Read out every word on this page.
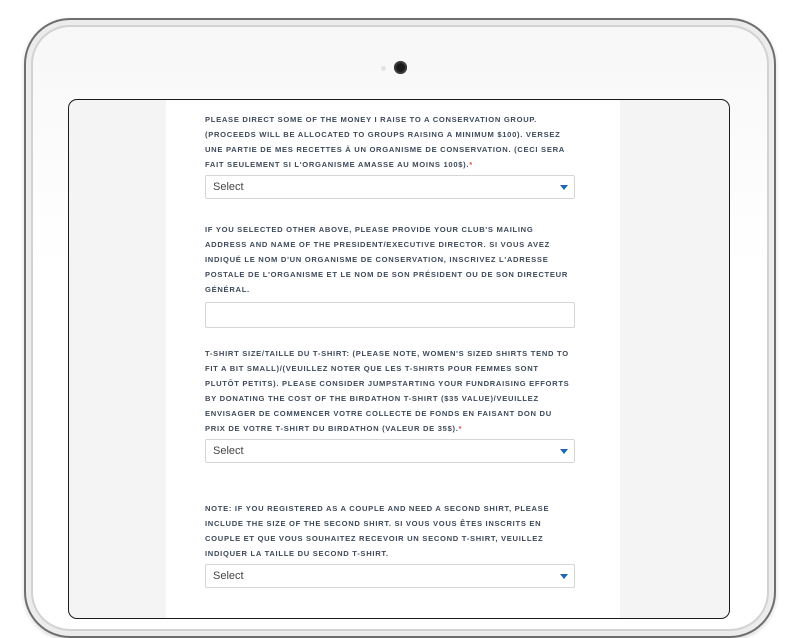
PLEASE DIRECT SOME OF THE MONEY I RAISE TO A CONSERVATION GROUP. (PROCEEDS WILL BE ALLOCATED TO GROUPS RAISING A MINIMUM $100). VERSEZ UNE PARTIE DE MES RECETTES À UN ORGANISME DE CONSERVATION. (CECI SERA FAIT SEULEMENT SI L'ORGANISME AMASSE AU MOINS 100$).*

Select

IF YOU SELECTED OTHER ABOVE, PLEASE PROVIDE YOUR CLUB'S MAILING ADDRESS AND NAME OF THE PRESIDENT/EXECUTIVE DIRECTOR. SI VOUS AVEZ INDIQUÉ LE NOM D'UN ORGANISME DE CONSERVATION, INSCRIVEZ L'ADRESSE POSTALE DE L'ORGANISME ET LE NOM DE SON PRÉSIDENT OU DE SON DIRECTEUR GÉNÉRAL.

T-SHIRT SIZE/TAILLE DU T-SHIRT: (PLEASE NOTE, WOMEN'S SIZED SHIRTS TEND TO FIT A BIT SMALL)/(VEUILLEZ NOTER QUE LES T-SHIRTS POUR FEMMES SONT PLUTÔT PETITS). PLEASE CONSIDER JUMPSTARTING YOUR FUNDRAISING EFFORTS BY DONATING THE COST OF THE BIRDATHON T-SHIRT ($35 VALUE)/VEUILLEZ ENVISAGER DE COMMENCER VOTRE COLLECTE DE FONDS EN FAISANT DON DU PRIX DE VOTRE T-SHIRT DU BIRDATHON (VALEUR DE 35$).*

Select

NOTE: IF YOU REGISTERED AS A COUPLE AND NEED A SECOND SHIRT, PLEASE INCLUDE THE SIZE OF THE SECOND SHIRT. SI VOUS VOUS ÊTES INSCRITS EN COUPLE ET QUE VOUS SOUHAITEZ RECEVOIR UN SECOND T-SHIRT, VEUILLEZ INDIQUER LA TAILLE DU SECOND T-SHIRT.

Select
